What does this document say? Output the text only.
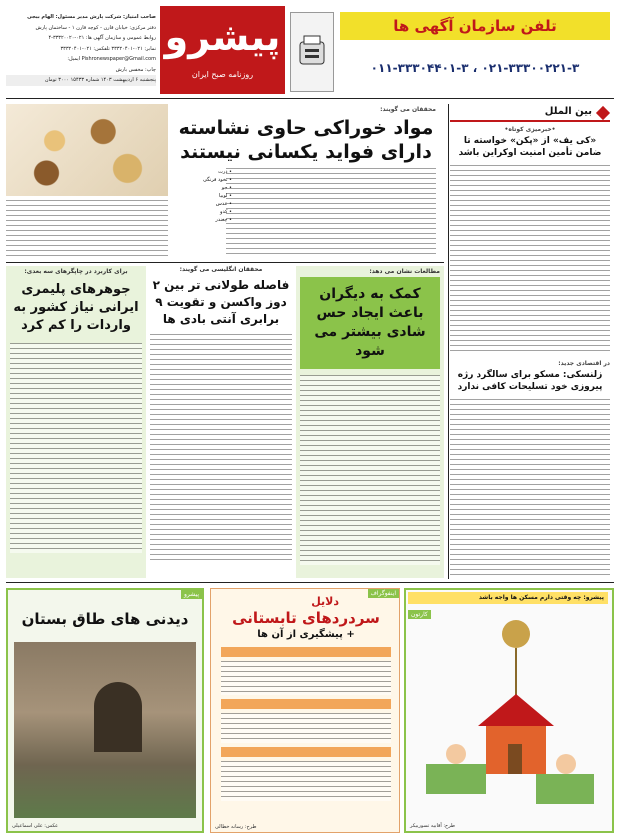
تلفن سازمان آگهی ها
۰۲۱-۳۳۳۰۰۲۲۱-۳ ، ۰۱۱-۳۳۳۰۴۴۰۱-۳
پیشرو
روزنامه صبح ایران
صاحب امتیاز: شرکت پارش مدیر مسئول: الهام بیجی
دفتر مرکزی: خیابان قارن - کوچه قارن ۱ - ساختمان پارش
روابط عمومی و سازمان آگهی ها: ۰۲۱-۳۳۳۲۰۰۲۰-۴
نمابر: ۰۲۱-۳۳۳۲۰۴۰۱ تلفکس: ۰۲۱-۳۳۳۲۰۴۰۱
Pishronewspaper@Gmail.com ایمیل:
چاپ: مخفس بارش
پنجشنبه ۶ اردیبهشت ۱۴۰۳ شماره ۱۵۴۳۳ ۳۰۰۰ تومان
بین الملل
•خبرمیزی کوتاه•
«کی یف» از «پکن» خواسته تا ضامن تأمین امنیت اوکراین باشد
در اقتصادی جدید:
زلنسکی: مسکو برای سالگرد رژه پیروزی خود تسلیحات کافی ندارد
محققان می گویند:
مواد خوراکی حاوی نشاسته دارای فواید یکسانی نیستند
• ذرت
• نخود فرنگی
• جو
• لوبیا
• عدس
• کدو
• چغندر
مطالعات نشان می دهد:
کمک به دیگران باعث ایجاد حس شادی بیشتر می شود
محققان انگلیسی می گویند:
فاصله طولانی تر بین ۲ دوز واکسن و تقویت ۹ برابری آنتی بادی ها
برای کاربرد در چاپگرهای سه بعدی:
جوهرهای پلیمری ایرانی نیاز کشور به واردات را کم کرد
پیشرو: چه وقتی دارم مسکن ها واجه باشد
کارتون
طرح: آقابیه تسوربیکر
اینفوگراف
دلایل
سردردهای تابستانی
+ پیشگیری از آن ها
طرح: رسانه خطالی
پیشرو
دیدنی های طاق بستان
عکس: علی اسماعیلی
